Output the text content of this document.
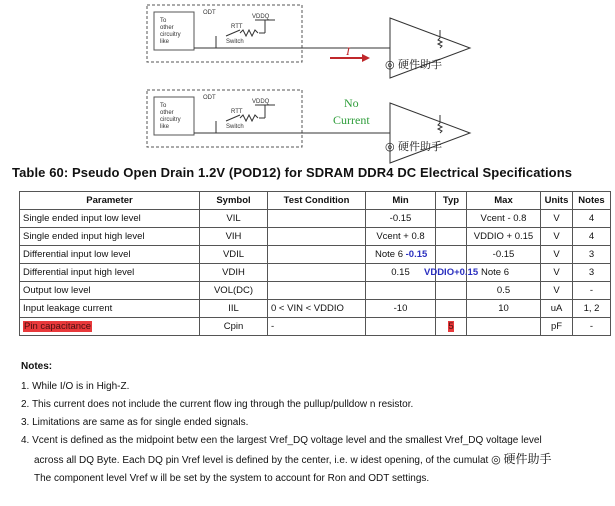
ODT
VDDQ
To
other
circuitry
like
RTT
Switch
I
◎ 硬件助手
ODT
VDDQ
To
other
circuitry
like
RTT
Switch
No
Current
◎ 硬件助手
Table 60: Pseudo Open Drain 1.2V (POD12) for SDRAM DDR4 DC Electrical Specifications
Parameter	Symbol	Test Condition	Min	Typ	Max	Units	Notes
Single ended input low level	VIL		-0.15		Vcent - 0.8	V	4
Single ended input high level	VIH		Vcent + 0.8		VDDIO + 0.15	V	4
Differential input low level	VDIL		Note 6 -0.15		-0.15	V	3
Differential input high level	VDIH		0.15	VDDIO+0.15	Note 6	V	3
Output low level	VOL(DC)				0.5	V	-
Input leakage current	IIL	0 < VIN < VDDIO	-10		10	uA	1, 2
Pin capacitance	Cpin	-		5		pF	-
Notes:
1. While I/O is in High-Z.
2. This current does not include the current flow ing through the pullup/pulldow n resistor.
3. Limitations are same as for single ended signals.
4. Vcent is defined as the midpoint betw een the largest Vref_DQ voltage level and the smallest Vref_DQ voltage level
across all DQ Byte. Each DQ pin Vref level is defined by the center, i.e. w idest opening, of the cumulat ◎ 硬件助手
The component level Vref w ill be set by the system to account for Ron and ODT settings.
